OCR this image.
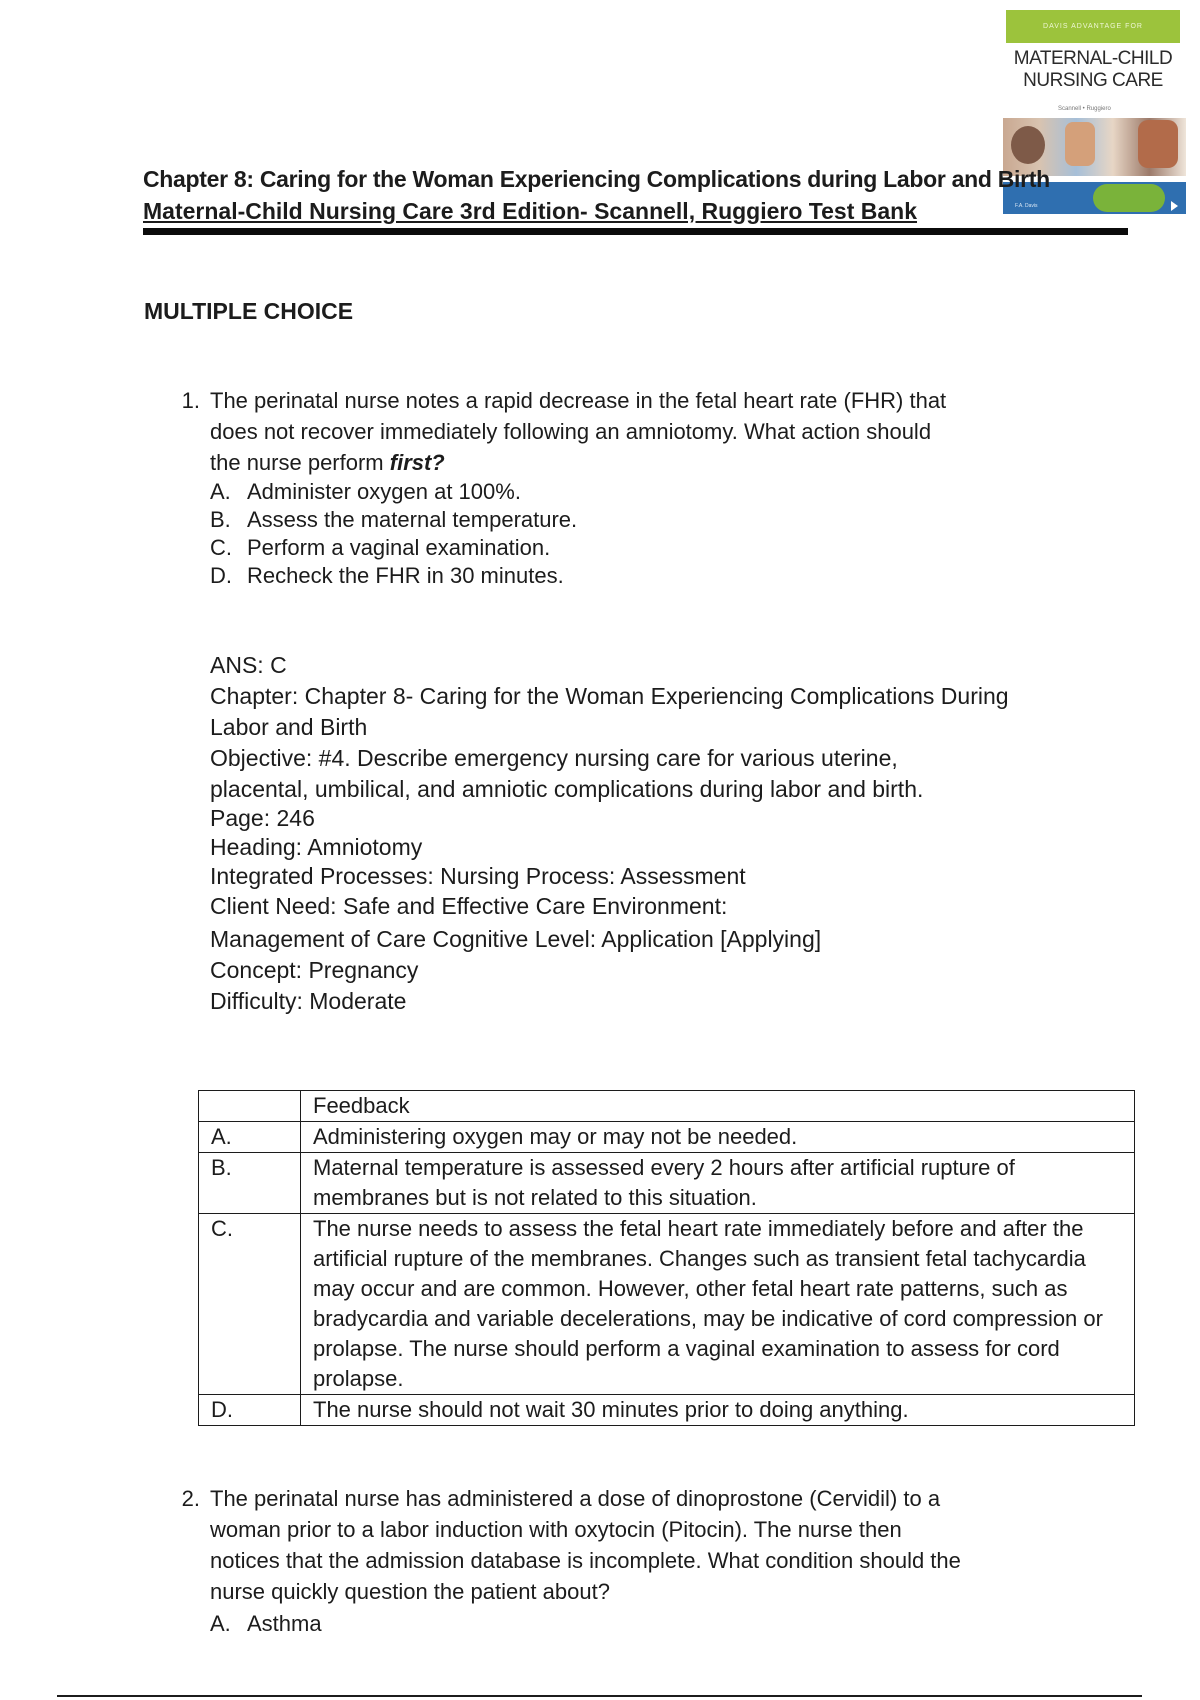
DAVIS ADVANTAGE FOR
MATERNAL-CHILD
NURSING CARE
Scannell • Ruggiero
F.A. Davis
Chapter 8: Caring for the Woman Experiencing Complications during Labor and Birth
Maternal-Child Nursing Care 3rd Edition- Scannell, Ruggiero Test Bank
MULTIPLE CHOICE
1. The perinatal nurse notes a rapid decrease in the fetal heart rate (FHR) that
does not recover immediately following an amniotomy. What action should
the nurse perform first?
A. Administer oxygen at 100%.
B. Assess the maternal temperature.
C. Perform a vaginal examination.
D. Recheck the FHR in 30 minutes.
ANS: C
Chapter: Chapter 8- Caring for the Woman Experiencing Complications During
Labor and Birth
Objective: #4. Describe emergency nursing care for various uterine,
placental, umbilical, and amniotic complications during labor and birth.
Page: 246
Heading: Amniotomy
Integrated Processes: Nursing Process: Assessment
Client Need: Safe and Effective Care Environment:
Management of Care Cognitive Level: Application [Applying]
Concept: Pregnancy
Difficulty: Moderate
	Feedback
A.	Administering oxygen may or may not be needed.
B.	Maternal temperature is assessed every 2 hours after artificial rupture of membranes but is not related to this situation.
C.	The nurse needs to assess the fetal heart rate immediately before and after the artificial rupture of the membranes. Changes such as transient fetal tachycardia may occur and are common. However, other fetal heart rate patterns, such as bradycardia and variable decelerations, may be indicative of cord compression or prolapse. The nurse should perform a vaginal examination to assess for cord prolapse.
D.	The nurse should not wait 30 minutes prior to doing anything.
2. The perinatal nurse has administered a dose of dinoprostone (Cervidil) to a
woman prior to a labor induction with oxytocin (Pitocin). The nurse then
notices that the admission database is incomplete. What condition should the
nurse quickly question the patient about?
A. Asthma
